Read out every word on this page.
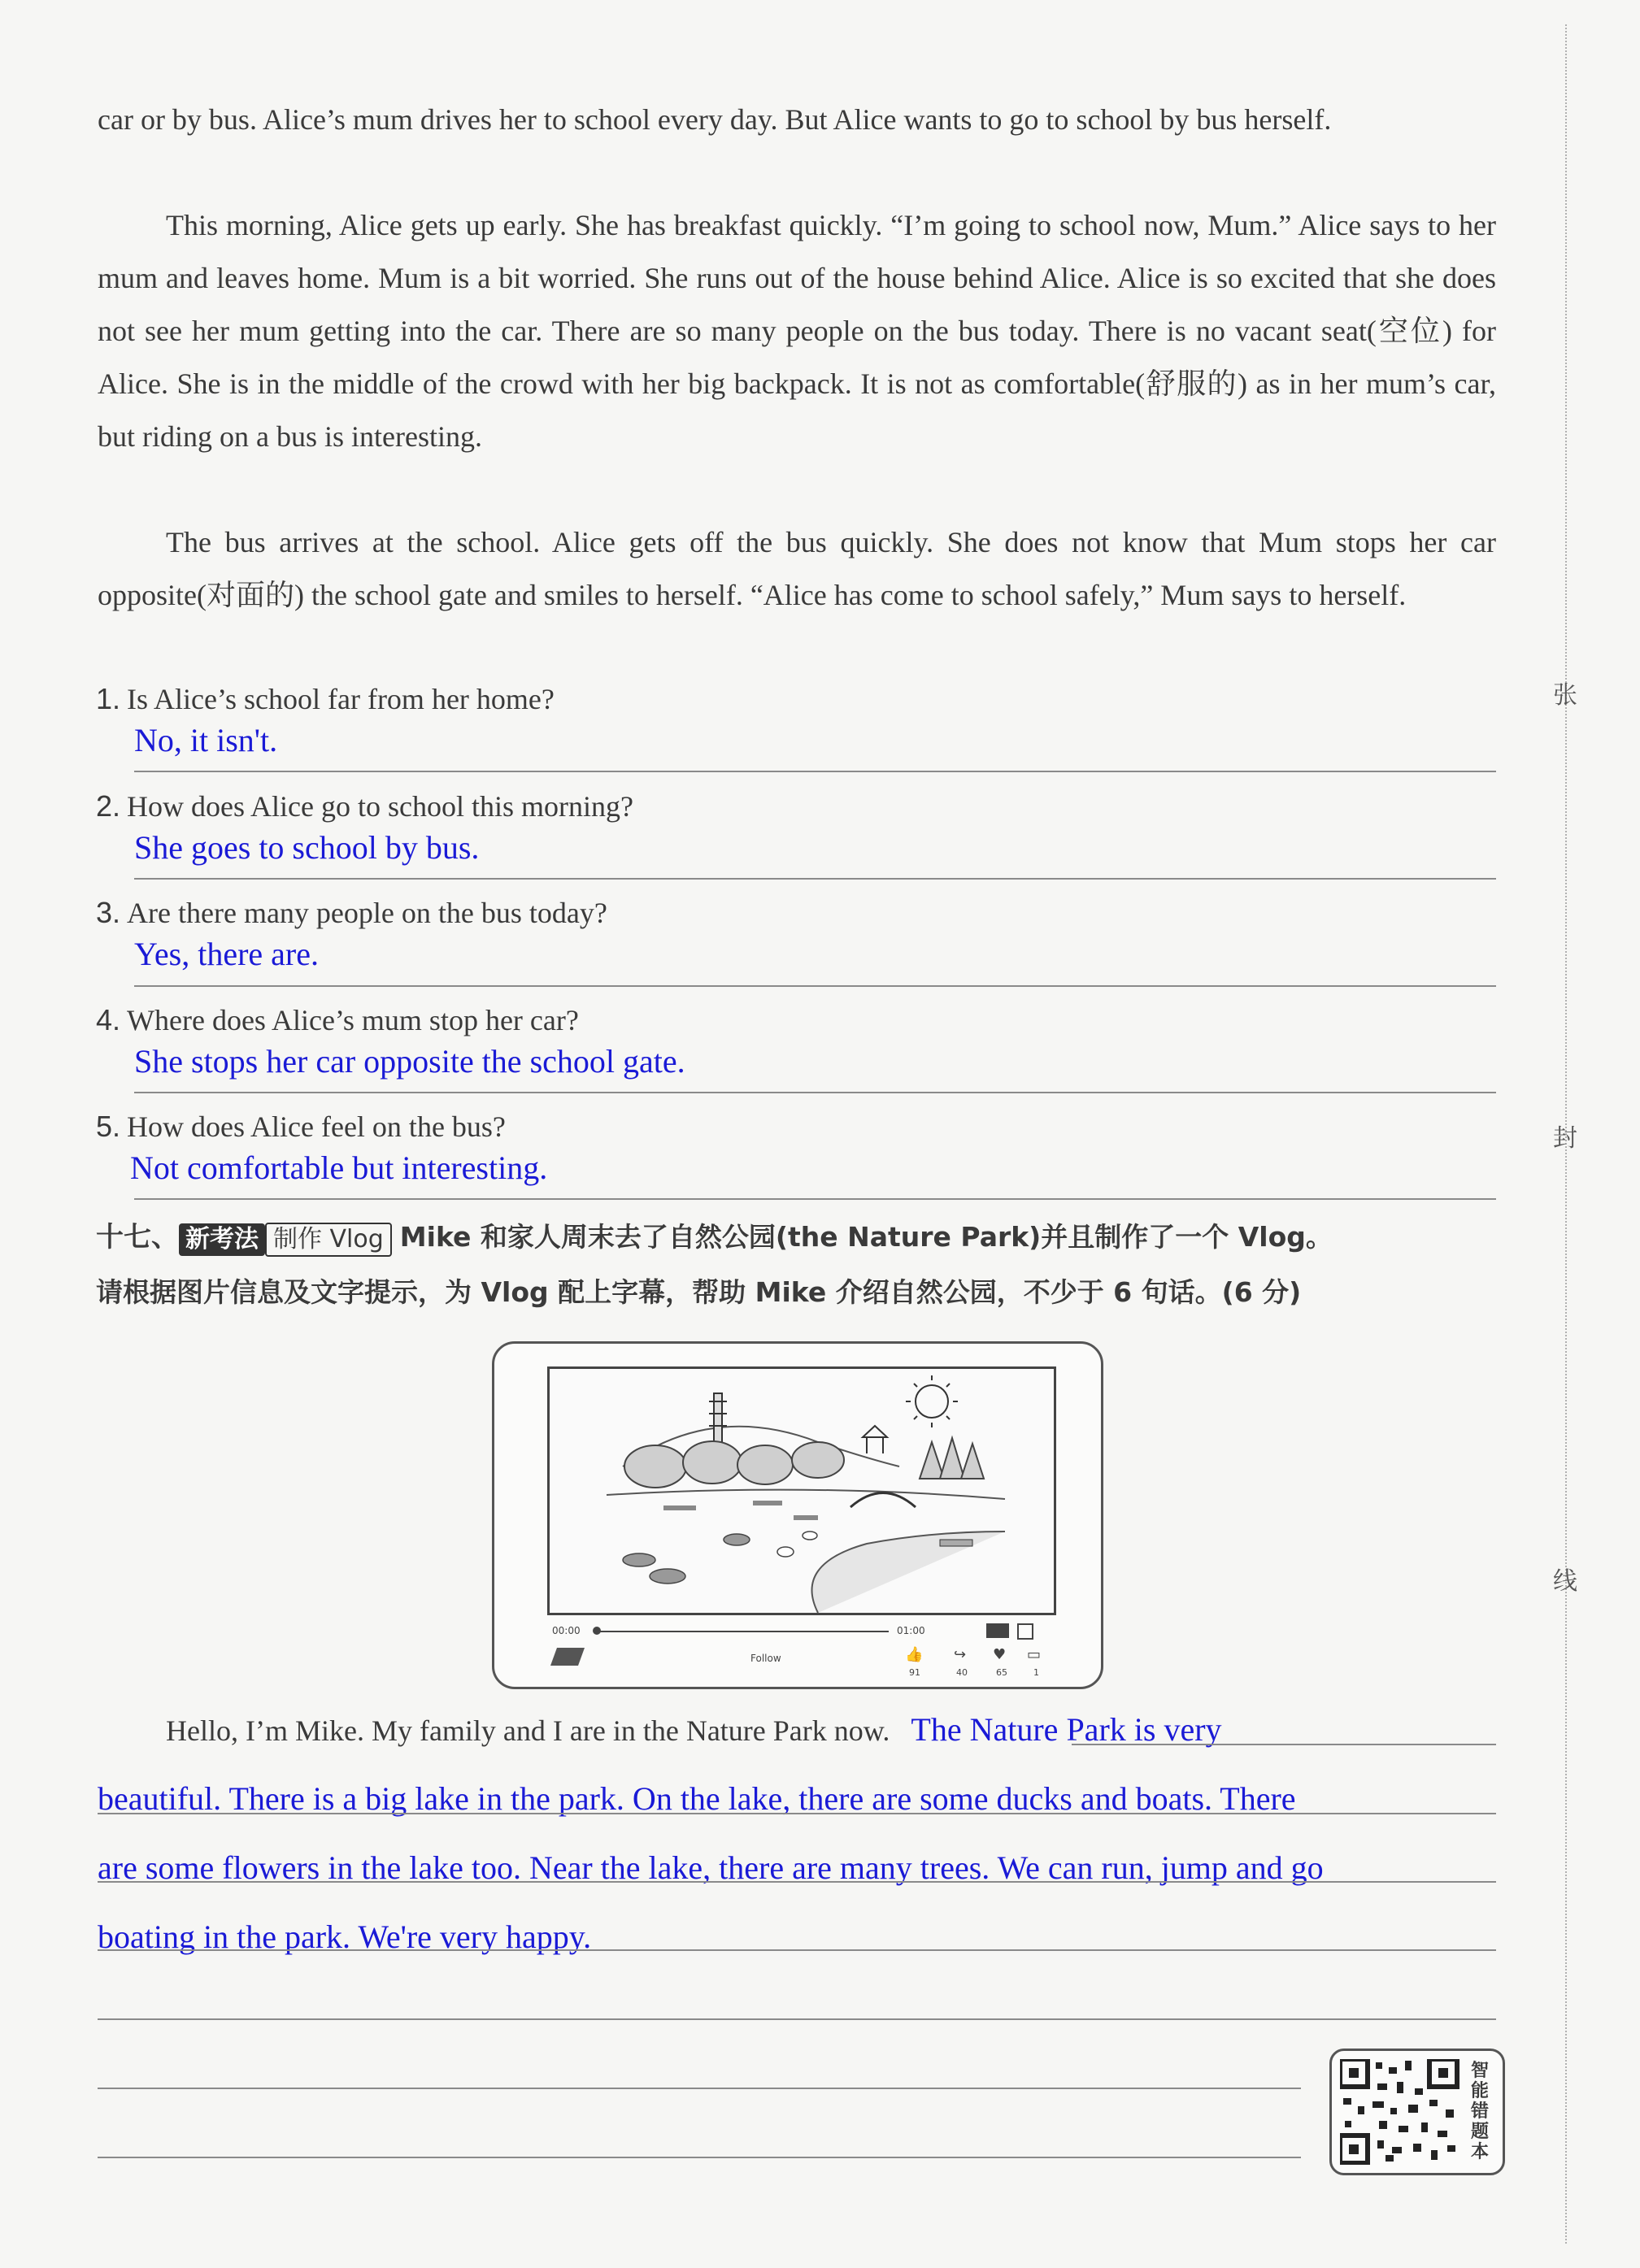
张
封
线
car or by bus. Alice’s mum drives her to school every day. But Alice wants to go to school by bus herself.
This morning, Alice gets up early. She has breakfast quickly. “I’m going to school now, Mum.” Alice says to her mum and leaves home. Mum is a bit worried. She runs out of the house behind Alice. Alice is so excited that she does not see her mum getting into the car. There are so many people on the bus today. There is no vacant seat(空位) for Alice. She is in the middle of the crowd with her big backpack. It is not as comfortable(舒服的) as in her mum’s car, but riding on a bus is interesting.
The bus arrives at the school. Alice gets off the bus quickly. She does not know that Mum stops her car opposite(对面的) the school gate and smiles to herself. “Alice has come to school safely,” Mum says to herself.
1. Is Alice’s school far from her home?
No, it isn't.
2. How does Alice go to school this morning?
She goes to school by bus.
3. Are there many people on the bus today?
Yes, there are.
4. Where does Alice’s mum stop her car?
She stops her car opposite the school gate.
5. How does Alice feel on the bus?
Not comfortable but interesting.
十七、 新考法 制作 Vlog Mike 和家人周末去了自然公园(the Nature Park)并且制作了一个 Vlog。
请根据图片信息及文字提示，为 Vlog 配上字幕，帮助 Mike 介绍自然公园，不少于 6 句话。(6 分)
00:00	01:00
Follow	👍
91
↪
40
♥
65
▭
1
Hello, I’m Mike. My family and I are in the Nature Park now. The Nature Park is very
beautiful. There is a big lake in the park. On the lake, there are some ducks and boats. There
are some flowers in the lake too. Near the lake, there are many trees. We can run, jump and go
boating in the park. We're very happy.
智能错题本
